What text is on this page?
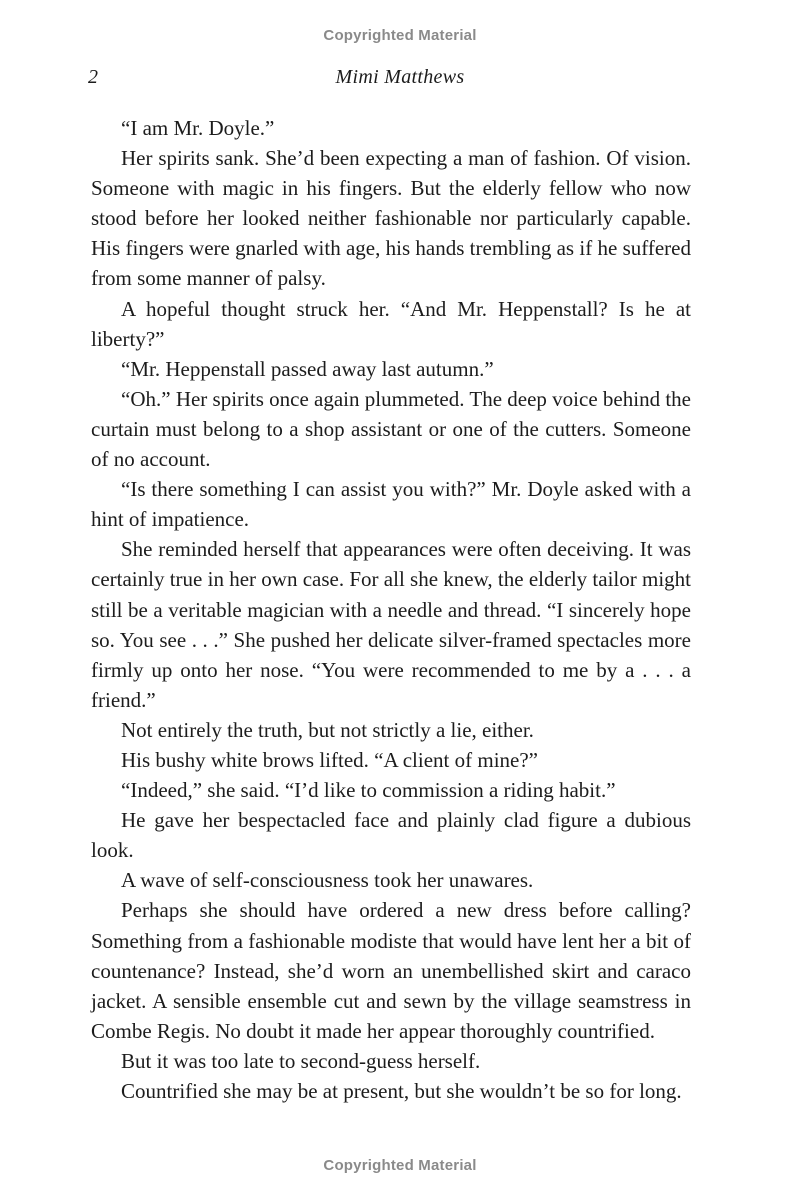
Copyrighted Material
2	Mimi Matthews

“I am Mr. Doyle.”

Her spirits sank. She’d been expecting a man of fashion. Of vision. Someone with magic in his fingers. But the elderly fellow who now stood before her looked neither fashionable nor particularly capable. His fingers were gnarled with age, his hands trembling as if he suffered from some manner of palsy.

A hopeful thought struck her. “And Mr. Heppenstall? Is he at liberty?”

“Mr. Heppenstall passed away last autumn.”

“Oh.” Her spirits once again plummeted. The deep voice behind the curtain must belong to a shop assistant or one of the cutters. Someone of no account.

“Is there something I can assist you with?” Mr. Doyle asked with a hint of impatience.

She reminded herself that appearances were often deceiving. It was certainly true in her own case. For all she knew, the elderly tailor might still be a veritable magician with a needle and thread. “I sincerely hope so. You see . . .” She pushed her delicate silver-framed spectacles more firmly up onto her nose. “You were recommended to me by a . . . a friend.”

Not entirely the truth, but not strictly a lie, either.

His bushy white brows lifted. “A client of mine?”

“Indeed,” she said. “I’d like to commission a riding habit.”

He gave her bespectacled face and plainly clad figure a dubious look.

A wave of self-consciousness took her unawares.

Perhaps she should have ordered a new dress before calling? Something from a fashionable modiste that would have lent her a bit of countenance? Instead, she’d worn an unembellished skirt and caraco jacket. A sensible ensemble cut and sewn by the village seamstress in Combe Regis. No doubt it made her appear thoroughly countrified.

But it was too late to second-guess herself.

Countrified she may be at present, but she wouldn’t be so for long.

Copyrighted Material
